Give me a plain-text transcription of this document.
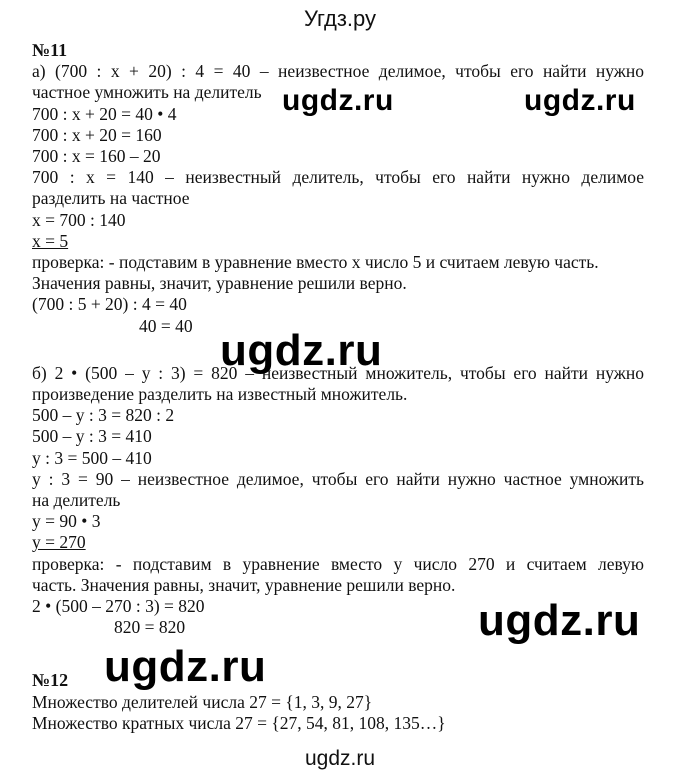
Угдз.ру
№11
а) (700 : x + 20) : 4 = 40 – неизвестное делимое, чтобы его найти нужно
частное умножить на делитель
700 : x + 20 = 40 • 4
700 : x + 20 = 160
700 : x = 160 – 20
700 : x = 140 – неизвестный делитель, чтобы его найти нужно делимое
разделить на частное
x = 700 : 140
x = 5
проверка: - подставим в уравнение вместо x число 5 и считаем левую часть.
Значения равны, значит, уравнение решили верно.
(700 : 5 + 20) : 4 = 40
40 = 40
б) 2 • (500 – y : 3) = 820 – неизвестный множитель, чтобы его найти нужно
произведение разделить на известный множитель.
500 – y : 3 = 820 : 2
500 – y : 3 = 410
y : 3 = 500 – 410
y : 3 = 90 – неизвестное делимое, чтобы его найти нужно частное умножить
на делитель
y = 90 • 3
y = 270
проверка: - подставим в уравнение вместо y число 270 и считаем левую
часть. Значения равны, значит, уравнение решили верно.
2 • (500 – 270 : 3) = 820
820 = 820
№12
Множество делителей числа 27 = {1, 3, 9, 27}
Множество кратных числа 27 = {27, 54, 81, 108, 135…}
ugdz.ru	ugdz.ru
ugdz.ru
ugdz.ru
ugdz.ru
ugdz.ru
